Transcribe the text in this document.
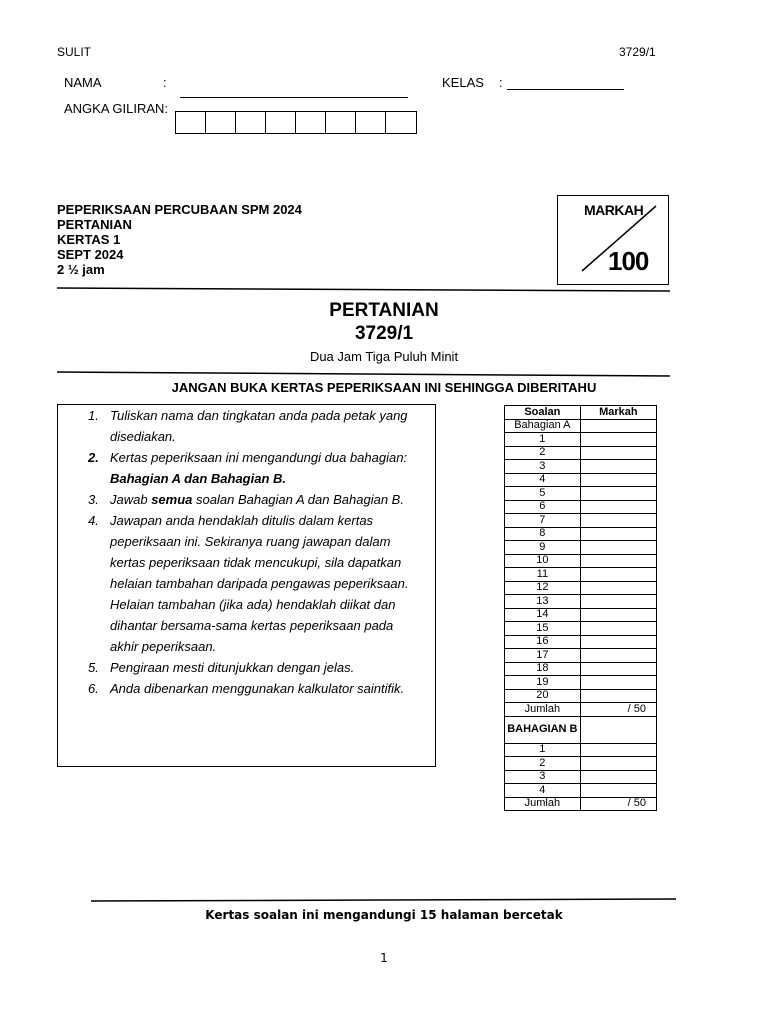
SULIT	3729/1
NAMA	:	KELAS :
ANGKA GILIRAN:
PEPERIKSAAN PERCUBAAN SPM 2024
PERTANIAN
KERTAS 1
SEPT 2024
2 ½ jam
MARKAH
100
PERTANIAN
3729/1
Dua Jam Tiga Puluh Minit
JANGAN BUKA KERTAS PEPERIKSAAN INI SEHINGGA DIBERITAHU
1. Tuliskan nama dan tingkatan anda pada petak yang
disediakan.
2. Kertas peperiksaan ini mengandungi dua bahagian:
Bahagian A dan Bahagian B.
3. Jawab semua soalan Bahagian A dan Bahagian B.
4. Jawapan anda hendaklah ditulis dalam kertas
peperiksaan ini. Sekiranya ruang jawapan dalam
kertas peperiksaan tidak mencukupi, sila dapatkan
helaian tambahan daripada pengawas peperiksaan.
Helaian tambahan (jika ada) hendaklah diikat dan
dihantar bersama-sama kertas peperiksaan pada
akhir peperiksaan.
5. Pengiraan mesti ditunjukkan dengan jelas.
6. Anda dibenarkan menggunakan kalkulator saintifik.
Soalan	Markah
Bahagian A	
1	
2	
3	
4	
5	
6	
7	
8	
9	
10	
11	
12	
13	
14	
15	
16	
17	
18	
19	
20	
Jumlah	/ 50
BAHAGIAN B	
1	
2	
3	
4	
Jumlah	/ 50
Kertas soalan ini mengandungi 15 halaman bercetak
1
